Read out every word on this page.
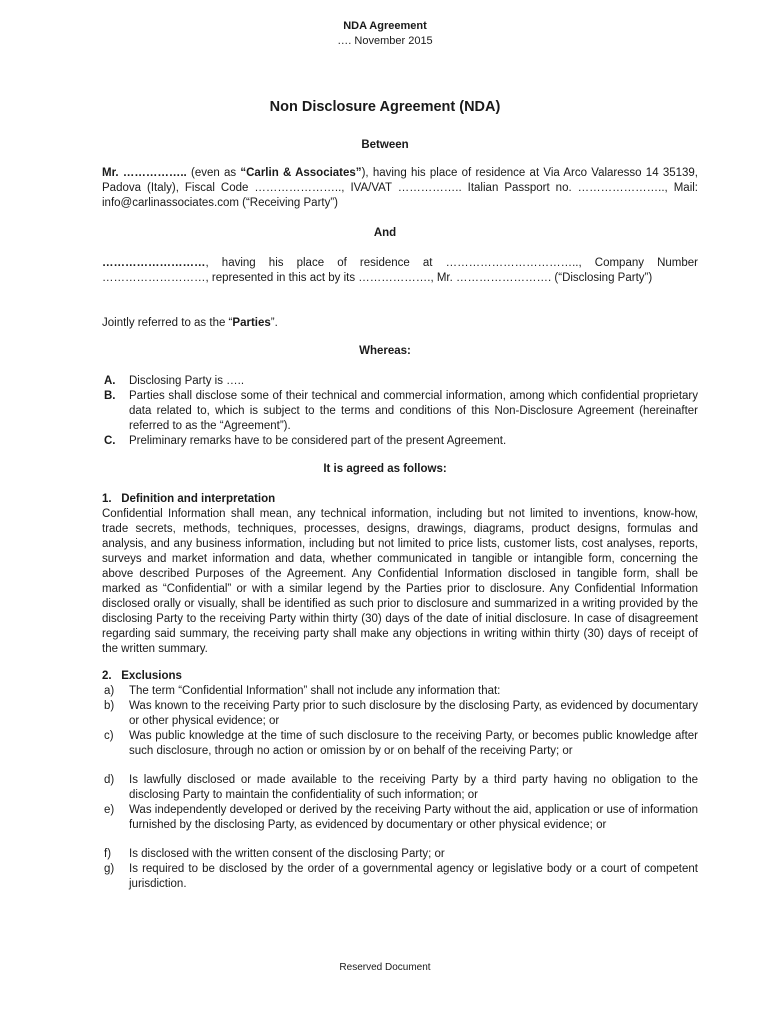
NDA Agreement
…. November 2015
Non Disclosure Agreement (NDA)
Between
Mr. …………….. (even as “Carlin & Associates”), having his place of residence at Via Arco Valaresso 14 35139, Padova (Italy), Fiscal Code ………………….., IVA/VAT …………….. Italian Passport no. ………………….., Mail: info@carlinassociates.com (“Receiving Party”)
And
………………………, having his place of residence at …………………………….., Company Number ………………………, represented in this act by its ………………., Mr. ……………………. (“Disclosing Party”)
Jointly referred to as the “Parties”.
Whereas:
A. Disclosing Party is …..
B. Parties shall disclose some of their technical and commercial information, among which confidential proprietary data related to, which is subject to the terms and conditions of this Non-Disclosure Agreement (hereinafter referred to as the “Agreement”).
C. Preliminary remarks have to be considered part of the present Agreement.
It is agreed as follows:
1. Definition and interpretation
Confidential Information shall mean, any technical information, including but not limited to inventions, know-how, trade secrets, methods, techniques, processes, designs, drawings, diagrams, product designs, formulas and analysis, and any business information, including but not limited to price lists, customer lists, cost analyses, reports, surveys and market information and data, whether communicated in tangible or intangible form, concerning the above described Purposes of the Agreement. Any Confidential Information disclosed in tangible form, shall be marked as “Confidential” or with a similar legend by the Parties prior to disclosure. Any Confidential Information disclosed orally or visually, shall be identified as such prior to disclosure and summarized in a writing provided by the disclosing Party to the receiving Party within thirty (30) days of the date of initial disclosure. In case of disagreement regarding said summary, the receiving party shall make any objections in writing within thirty (30) days of receipt of the written summary.
2. Exclusions
a) The term “Confidential Information” shall not include any information that:
b) Was known to the receiving Party prior to such disclosure by the disclosing Party, as evidenced by documentary or other physical evidence; or
c) Was public knowledge at the time of such disclosure to the receiving Party, or becomes public knowledge after such disclosure, through no action or omission by or on behalf of the receiving Party; or
d) Is lawfully disclosed or made available to the receiving Party by a third party having no obligation to the disclosing Party to maintain the confidentiality of such information; or
e) Was independently developed or derived by the receiving Party without the aid, application or use of information furnished by the disclosing Party, as evidenced by documentary or other physical evidence; or
f) Is disclosed with the written consent of the disclosing Party; or
g) Is required to be disclosed by the order of a governmental agency or legislative body or a court of competent jurisdiction.
Reserved Document
